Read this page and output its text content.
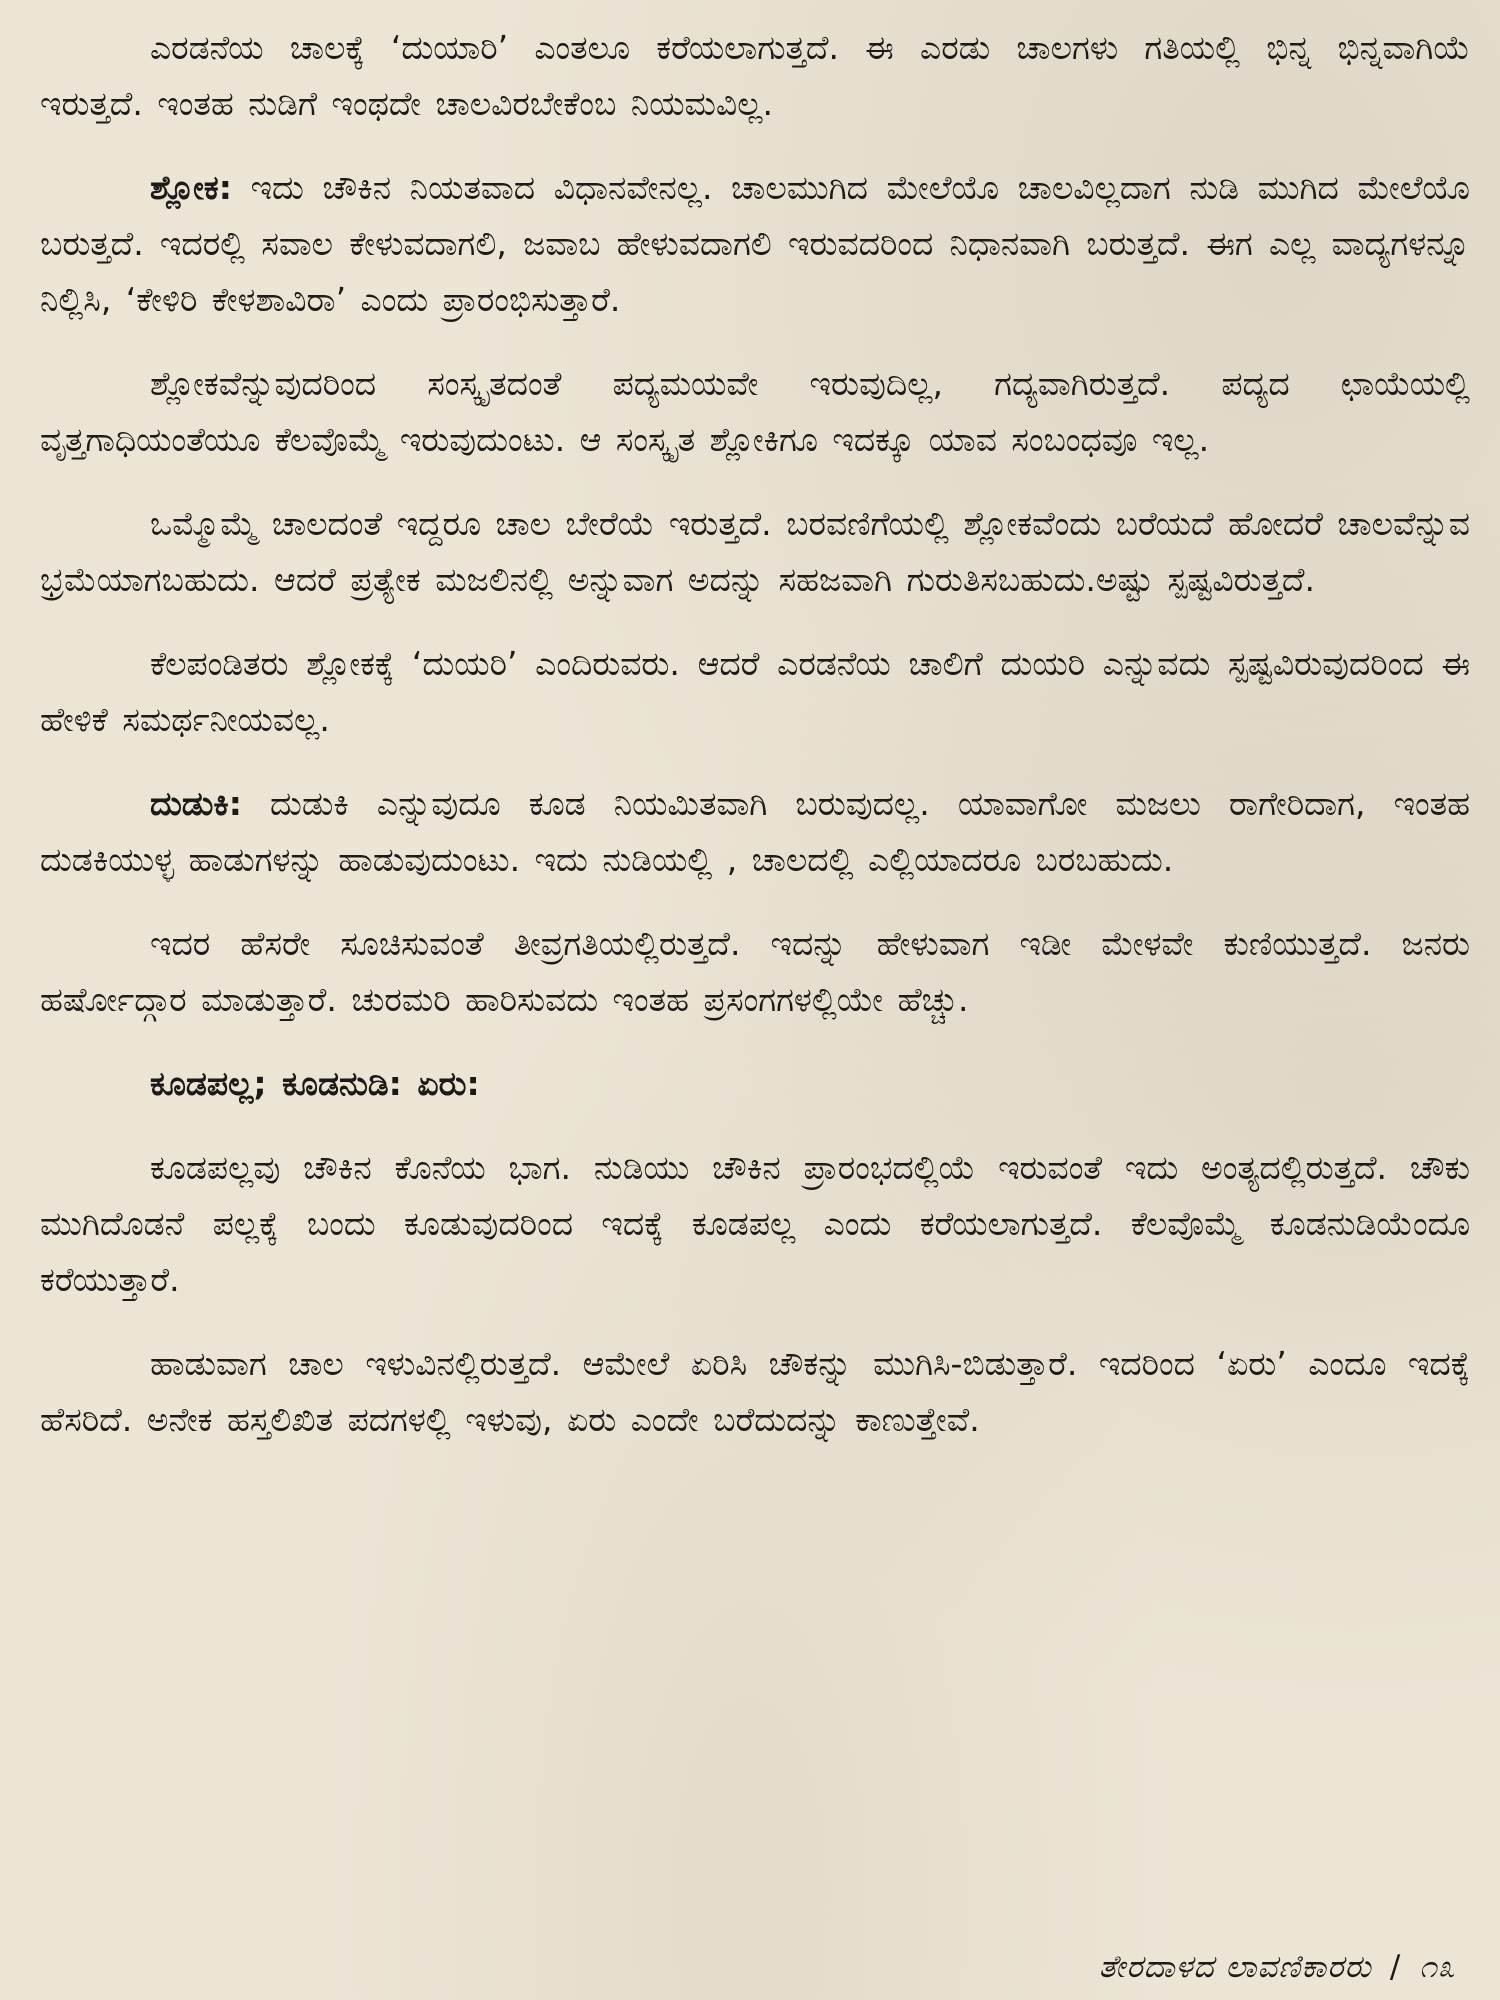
ಎರಡನೆಯ ಚಾಲಕ್ಕೆ ‘ದುಯಾರಿ’ ಎಂತಲೂ ಕರೆಯಲಾಗುತ್ತದೆ. ಈ ಎರಡು ಚಾಲಗಳು ಗತಿಯಲ್ಲಿ ಭಿನ್ನ ಭಿನ್ನವಾಗಿಯೆ ಇರುತ್ತದೆ. ಇಂತಹ ನುಡಿಗೆ ಇಂಥದೇ ಚಾಲವಿರಬೇಕೆಂಬ ನಿಯಮವಿಲ್ಲ.

ಶ್ಲೋಕ: ಇದು ಚೌಕಿನ ನಿಯತವಾದ ವಿಧಾನವೇನಲ್ಲ. ಚಾಲಮುಗಿದ ಮೇಲೆಯೊ ಚಾಲವಿಲ್ಲದಾಗ ನುಡಿ ಮುಗಿದ ಮೇಲೆಯೊ ಬರುತ್ತದೆ. ಇದರಲ್ಲಿ ಸವಾಲ ಕೇಳುವದಾಗಲಿ, ಜವಾಬ ಹೇಳುವದಾಗಲಿ ಇರುವದರಿಂದ ನಿಧಾನವಾಗಿ ಬರುತ್ತದೆ. ಈಗ ಎಲ್ಲ ವಾದ್ಯಗಳನ್ನೂ ನಿಲ್ಲಿಸಿ, ‘ಕೇಳಿರಿ ಕೇಳಶಾವಿರಾ’ ಎಂದು ಪ್ರಾರಂಭಿಸುತ್ತಾರೆ.

ಶ್ಲೋಕವೆನ್ನುವುದರಿಂದ ಸಂಸ್ಕೃತದಂತೆ ಪದ್ಯಮಯವೇ ಇರುವುದಿಲ್ಲ, ಗದ್ಯವಾಗಿರುತ್ತದೆ. ಪದ್ಯದ ಛಾಯೆಯಲ್ಲಿ ವೃತ್ತಗಾಧಿಯಂತೆಯೂ ಕೆಲವೊಮ್ಮೆ ಇರುವುದುಂಟು. ಆ ಸಂಸ್ಕೃತ ಶ್ಲೋಕಿಗೂ ಇದಕ್ಕೂ ಯಾವ ಸಂಬಂಧವೂ ಇಲ್ಲ.

ಒಮ್ಮೊಮ್ಮೆ ಚಾಲದಂತೆ ಇದ್ದರೂ ಚಾಲ ಬೇರೆಯೆ ಇರುತ್ತದೆ. ಬರವಣಿಗೆಯಲ್ಲಿ ಶ್ಲೋಕವೆಂದು ಬರೆಯದೆ ಹೋದರೆ ಚಾಲವೆನ್ನುವ ಭ್ರಮೆಯಾಗಬಹುದು. ಆದರೆ ಪ್ರತ್ಯೇಕ ಮಜಲಿನಲ್ಲಿ ಅನ್ನುವಾಗ ಅದನ್ನು ಸಹಜವಾಗಿ ಗುರುತಿಸಬಹುದು.ಅಷ್ಟು ಸ್ಪಷ್ಟವಿರುತ್ತದೆ.

ಕೆಲಪಂಡಿತರು ಶ್ಲೋಕಕ್ಕೆ ‘ದುಯರಿ’ ಎಂದಿರುವರು. ಆದರೆ ಎರಡನೆಯ ಚಾಲಿಗೆ ದುಯರಿ ಎನ್ನುವದು ಸ್ಪಷ್ಟವಿರುವುದರಿಂದ ಈ ಹೇಳಿಕೆ ಸಮರ್ಥನೀಯವಲ್ಲ.

ದುಡುಕಿ: ದುಡುಕಿ ಎನ್ನುವುದೂ ಕೂಡ ನಿಯಮಿತವಾಗಿ ಬರುವುದಲ್ಲ. ಯಾವಾಗೋ ಮಜಲು ರಾಗೇರಿದಾಗ, ಇಂತಹ ದುಡಕಿಯುಳ್ಳ ಹಾಡುಗಳನ್ನು ಹಾಡುವುದುಂಟು. ಇದು ನುಡಿಯಲ್ಲಿ , ಚಾಲದಲ್ಲಿ ಎಲ್ಲಿಯಾದರೂ ಬರಬಹುದು.

ಇದರ ಹೆಸರೇ ಸೂಚಿಸುವಂತೆ ತೀವ್ರಗತಿಯಲ್ಲಿರುತ್ತದೆ. ಇದನ್ನು ಹೇಳುವಾಗ ಇಡೀ ಮೇಳವೇ ಕುಣಿಯುತ್ತದೆ. ಜನರು ಹರ್ಷೋದ್ಗಾರ ಮಾಡುತ್ತಾರೆ. ಚುರಮರಿ ಹಾರಿಸುವದು ಇಂತಹ ಪ್ರಸಂಗಗಳಲ್ಲಿಯೇ ಹೆಚ್ಚು.

ಕೂಡಪಲ್ಲ; ಕೂಡನುಡಿ: ಏರು:

ಕೂಡಪಲ್ಲವು ಚೌಕಿನ ಕೊನೆಯ ಭಾಗ. ನುಡಿಯು ಚೌಕಿನ ಪ್ರಾರಂಭದಲ್ಲಿಯೆ ಇರುವಂತೆ ಇದು ಅಂತ್ಯದಲ್ಲಿರುತ್ತದೆ. ಚೌಕು ಮುಗಿದೊಡನೆ ಪಲ್ಲಕ್ಕೆ ಬಂದು ಕೂಡುವುದರಿಂದ ಇದಕ್ಕೆ ಕೂಡಪಲ್ಲ ಎಂದು ಕರೆಯಲಾಗುತ್ತದೆ. ಕೆಲವೊಮ್ಮೆ ಕೂಡನುಡಿಯೆಂದೂ ಕರೆಯುತ್ತಾರೆ.

ಹಾಡುವಾಗ ಚಾಲ ಇಳುವಿನಲ್ಲಿರುತ್ತದೆ. ಆಮೇಲೆ ಏರಿಸಿ ಚೌಕನ್ನು ಮುಗಿಸಿ-ಬಿಡುತ್ತಾರೆ. ಇದರಿಂದ ‘ಏರು’ ಎಂದೂ ಇದಕ್ಕೆ ಹೆಸರಿದೆ. ಅನೇಕ ಹಸ್ತಲಿಖಿತ ಪದಗಳಲ್ಲಿ ಇಳುವು, ಏರು ಎಂದೇ ಬರೆದುದನ್ನು ಕಾಣುತ್ತೇವೆ.

ತೇರದಾಳದ ಲಾವಣಿಕಾರರು / ೧೩
